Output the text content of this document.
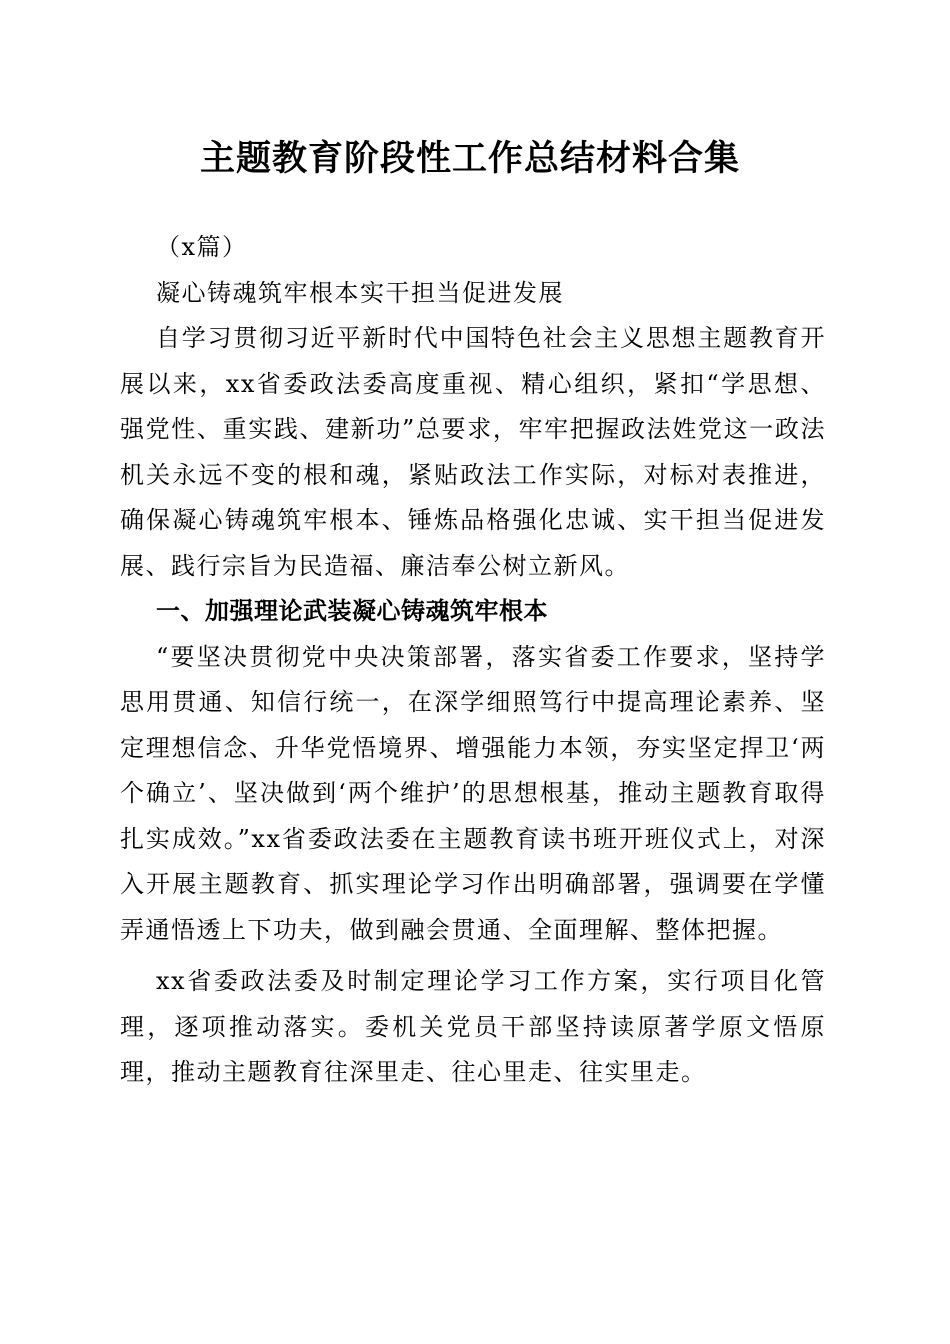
主题教育阶段性工作总结材料合集

（x篇）

凝心铸魂筑牢根本实干担当促进发展

自学习贯彻习近平新时代中国特色社会主义思想主题教育开展以来，xx省委政法委高度重视、精心组织，紧扣“学思想、强党性、重实践、建新功”总要求，牢牢把握政法姓党这一政法机关永远不变的根和魂，紧贴政法工作实际，对标对表推进，确保凝心铸魂筑牢根本、锤炼品格强化忠诚、实干担当促进发展、践行宗旨为民造福、廉洁奉公树立新风。

一、加强理论武装凝心铸魂筑牢根本

“要坚决贯彻党中央决策部署，落实省委工作要求，坚持学思用贯通、知信行统一，在深学细照笃行中提高理论素养、坚定理想信念、升华党悟境界、增强能力本领，夯实坚定捍卫‘两个确立’、坚决做到‘两个维护’的思想根基，推动主题教育取得扎实成效。”xx省委政法委在主题教育读书班开班仪式上，对深入开展主题教育、抓实理论学习作出明确部署，强调要在学懂弄通悟透上下功夫，做到融会贯通、全面理解、整体把握。

xx省委政法委及时制定理论学习工作方案，实行项目化管理，逐项推动落实。委机关党员干部坚持读原著学原文悟原理，推动主题教育往深里走、往心里走、往实里走。
